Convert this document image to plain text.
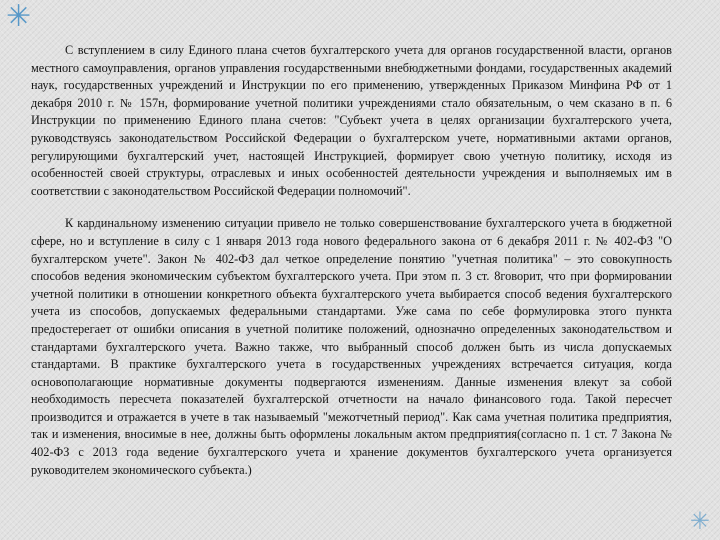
✳

С вступлением в силу Единого плана счетов бухгалтерского учета для органов государственной власти, органов местного самоуправления, органов управления государственными внебюджетными фондами, государственных академий наук, государственных учреждений и Инструкции по его применению, утвержденных Приказом Минфина РФ от 1 декабря 2010 г. № 157н, формирование учетной политики учреждениями стало обязательным, о чем сказано в п. 6 Инструкции по применению Единого плана счетов: "Субъект учета в целях организации бухгалтерского учета, руководствуясь законодательством Российской Федерации о бухгалтерском учете, нормативными актами органов, регулирующими бухгалтерский учет, настоящей Инструкцией, формирует свою учетную политику, исходя из особенностей своей структуры, отраслевых и иных особенностей деятельности учреждения и выполняемых им в соответствии с законодательством Российской Федерации полномочий".

К кардинальному изменению ситуации привело не только совершенствование бухгалтерского учета в бюджетной сфере, но и вступление в силу с 1 января 2013 года нового федерального закона от 6 декабря 2011 г. № 402-ФЗ "О бухгалтерском учете". Закон № 402-ФЗ дал четкое определение понятию "учетная политика" – это совокупность способов ведения экономическим субъектом бухгалтерского учета. При этом п. 3 ст. 8говорит, что при формировании учетной политики в отношении конкретного объекта бухгалтерского учета выбирается способ ведения бухгалтерского учета из способов, допускаемых федеральными стандартами. Уже сама по себе формулировка этого пункта предостерегает от ошибки описания в учетной политике положений, однозначно определенных законодательством и стандартами бухгалтерского учета. Важно также, что выбранный способ должен быть из числа допускаемых стандартами. В практике бухгалтерского учета в государственных учреждениях встречается ситуация, когда основополагающие нормативные документы подвергаются изменениям. Данные изменения влекут за собой необходимость пересчета показателей бухгалтерской отчетности на начало финансового года. Такой пересчет производится и отражается в учете в так называемый "межотчетный период". Как сама учетная политика предприятия, так и изменения, вносимые в нее, должны быть оформлены локальным актом предприятия(согласно п. 1 ст. 7 Закона № 402-ФЗ с 2013 года ведение бухгалтерского учета и хранение документов бухгалтерского учета организуется руководителем экономического субъекта.)

✳
